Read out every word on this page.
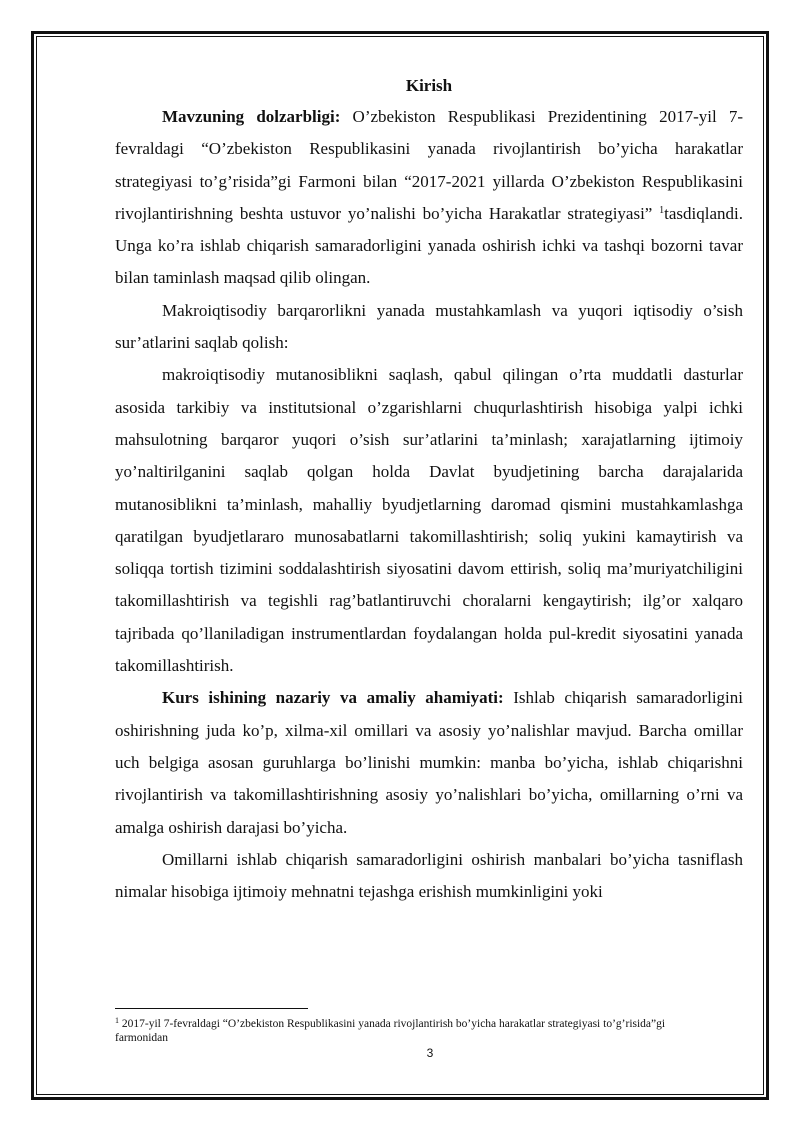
Kirish

Mavzuning dolzarbligi: O’zbekiston Respublikasi Prezidentining 2017-yil 7-fevraldagi “O’zbekiston Respublikasini yanada rivojlantirish bo’yicha harakatlar strategiyasi to’g’risida”gi Farmoni bilan “2017-2021 yillarda O’zbekiston Respublikasini rivojlantirishning beshta ustuvor yo’nalishi bo’yicha Harakatlar strategiyasi” $^1$tasdiqlandi. Unga ko’ra ishlab chiqarish samaradorligini yanada oshirish ichki va tashqi bozorni tavar bilan taminlash maqsad qilib olingan.

Makroiqtisodiy barqarorlikni yanada mustahkamlash va yuqori iqtisodiy o’sish sur’atlarini saqlab qolish:

makroiqtisodiy mutanosiblikni saqlash, qabul qilingan o’rta muddatli dasturlar asosida tarkibiy va institutsional o’zgarishlarni chuqurlashtirish hisobiga yalpi ichki mahsulotning barqaror yuqori o’sish sur’atlarini ta’minlash; xarajatlarning ijtimoiy yo’naltirilganini saqlab qolgan holda Davlat byudjetining barcha darajalarida mutanosiblikni ta’minlash, mahalliy byudjetlarning daromad qismini mustahkamlashga qaratilgan byudjetlararo munosabatlarni takomillashtirish; soliq yukini kamaytirish va soliqqa tortish tizimini soddalashtirish siyosatini davom ettirish, soliq ma’muriyatchiligini takomillashtirish va tegishli rag’batlantiruvchi choralarni kengaytirish; ilg’or xalqaro tajribada qo’llaniladigan instrumentlardan foydalangan holda pul-kredit siyosatini yanada takomillashtirish.

Kurs ishining nazariy va amaliy ahamiyati: Ishlab chiqarish samaradorligini oshirishning juda ko’p, xilma-xil omillari va asosiy yo’nalishlar mavjud. Barcha omillar uch belgiga asosan guruhlarga bo’linishi mumkin: manba bo’yicha, ishlab chiqarishni rivojlantirish va takomillashtirishning asosiy yo’nalishlari bo’yicha, omillarning o’rni va amalga oshirish darajasi bo’yicha.

Omillarni ishlab chiqarish samaradorligini oshirish manbalari bo’yicha tasniflash nimalar hisobiga ijtimoiy mehnatni tejashga erishish mumkinligini yoki

$^1$ 2017-yil 7-fevraldagi “O’zbekiston Respublikasini yanada rivojlantirish bo’yicha harakatlar strategiyasi to’g’risida”gi farmonidan
3
